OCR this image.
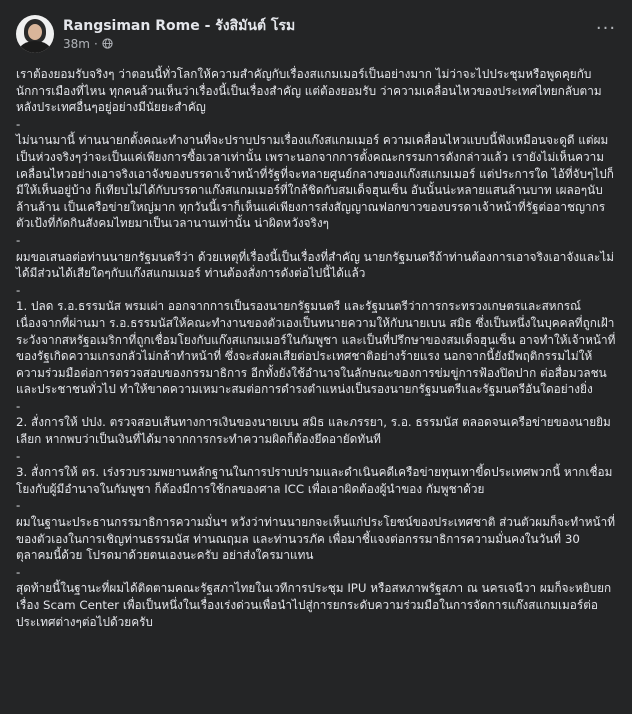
Rangsiman Rome - รังสิมันต์ โรม
38m ·
···

เราต้องยอมรับจริงๆ ว่าตอนนี้ทั่วโลกให้ความสำคัญกับเรื่องสแกมเมอร์เป็นอย่างมาก ไม่ว่าจะไปประชุมหรือพูดคุยกับนักการเมืองที่ไหน ทุกคนล้วนเห็นว่าเรื่องนี้เป็นเรื่องสำคัญ แต่ต้องยอมรับ ว่าความเคลื่อนไหวของประเทศไทยกลับตามหลังประเทศอื่นๆอยู่อย่างมีนัยยะสำคัญ

-

ไม่นานมานี้ ท่านนายกตั้งคณะทำงานที่จะปราบปรามเรื่องแก๊งสแกมเมอร์ ความเคลื่อนไหวแบบนี้ฟังเหมือนจะดูดี แต่ผมเป็นห่วงจริงๆว่าจะเป็นแค่เพียงการซื้อเวลาเท่านั้น เพราะนอกจากการตั้งคณะกรรมการดังกล่าวแล้ว เรายังไม่เห็นความเคลื่อนไหวอย่างเอาจริงเอาจังของบรรดาเจ้าหน้าที่รัฐที่จะทลายศูนย์กลางของแก๊งสแกมเมอร์ แต่ประการใด ไอ้ที่จับๆไปก็มีให้เห็นอยู่บ้าง ก็เทียบไม่ได้กับบรรดาแก๊งสแกมเมอร์ที่ใกล้ชิดกับสมเด็จฮุนเซ็น อันนั้นน่ะหลายแสนล้านบาท เผลอๆนับล้านล้าน เป็นเครือข่ายใหญ่มาก ทุกวันนี้เราก็เห็นแค่เพียงการส่งสัญญาณฟอกขาวของบรรดาเจ้าหน้าที่รัฐต่ออาชญากรตัวเป้งที่กัดกินสังคมไทยมาเป็นเวลานานเท่านั้น น่าผิดหวังจริงๆ

-

ผมขอเสนอต่อท่านนายกรัฐมนตรีว่า ด้วยเหตุที่เรื่องนี้เป็นเรื่องที่สำคัญ นายกรัฐมนตรีถ้าท่านต้องการเอาจริงเอาจังและไม่ได้มีส่วนได้เสียใดๆกับแก๊งสแกมเมอร์ ท่านต้องสั่งการดังต่อไปนี้ได้แล้ว

-

1. ปลด ร.อ.ธรรมนัส พรมเผ่า ออกจากการเป็นรองนายกรัฐมนตรี และรัฐมนตรีว่าการกระทรวงเกษตรและสหกรณ์ เนื่องจากที่ผ่านมา ร.อ.ธรรมนัสให้คณะทำงานของตัวเองเป็นทนายความให้กับนายเบน สมิธ ซึ่งเป็นหนึ่งในบุคคลที่ถูกเฝ้าระวังจากสหรัฐอเมริกาที่ถูกเชื่อมโยงกับแก๊งสแกมเมอร์ในกัมพูชา และเป็นที่ปรึกษาของสมเด็จฮุนเซ็น อาจทำให้เจ้าหน้าที่ของรัฐเกิดความเกรงกลัวไม่กล้าทำหน้าที่ ซึ่งจะส่งผลเสียต่อประเทศชาติอย่างร้ายแรง นอกจากนี้ยังมีพฤติกรรมไม่ให้ความร่วมมือต่อการตรวจสอบของกรรมาธิการ อีกทั้งยังใช้อำนาจในลักษณะของการข่มขู่การฟ้องปิดปาก ต่อสื่อมวลชนและประชาชนทั่วไป ทำให้ขาดความเหมาะสมต่อการดำรงตำแหน่งเป็นรองนายกรัฐมนตรีและรัฐมนตรีอันใดอย่างยิ่ง

-

2. สั่งการให้ ปปง. ตรวจสอบเส้นทางการเงินของนายเบน สมิธ และภรรยา, ร.อ. ธรรมนัส ตลอดจนเครือข่ายของนายยิม เลียก หากพบว่าเป็นเงินที่ได้มาจากการกระทำความผิดก็ต้องยึดอายัดทันที

-

3. สั่งการให้ ตร. เร่งรวบรวมพยานหลักฐานในการปราบปรามและดำเนินคดีเครือข่ายทุนเทาขี้ดประเทศพวกนี้ หากเชื่อมโยงกับผู้มีอำนาจในกัมพูชา ก็ต้องมีการใช้กลของศาล ICC เพื่อเอาผิดต้องผู้นำของ กัมพูชาด้วย

-

ผมในฐานะประธานกรรมาธิการความมั่นฯ หวังว่าท่านนายกจะเห็นแก่ประโยชน์ของประเทศชาติ ส่วนตัวผมก็จะทำหน้าที่ของตัวเองในการเชิญท่านธรรมนัส ท่านณฤมล และท่านวรภัค เพื่อมาชี้แจงต่อกรรมาธิการความมั่นคงในวันที่ 30 ตุลาคมนี้ด้วย โปรดมาด้วยตนเองนะครับ อย่าส่งใครมาแทน

-

สุดท้ายนี้ในฐานะที่ผมได้ติดตามคณะรัฐสภาไทยในเวทีการประชุม IPU หรือสหภาพรัฐสภา ณ นครเจนีวา ผมก็จะหยิบยกเรื่อง Scam Center เพื่อเป็นหนึ่งในเรื่องเร่งด่วนเพื่อนำไปสู่การยกระดับความร่วมมือในการจัดการแก๊งสแกมเมอร์ต่อประเทศต่างๆต่อไปด้วยครับ
